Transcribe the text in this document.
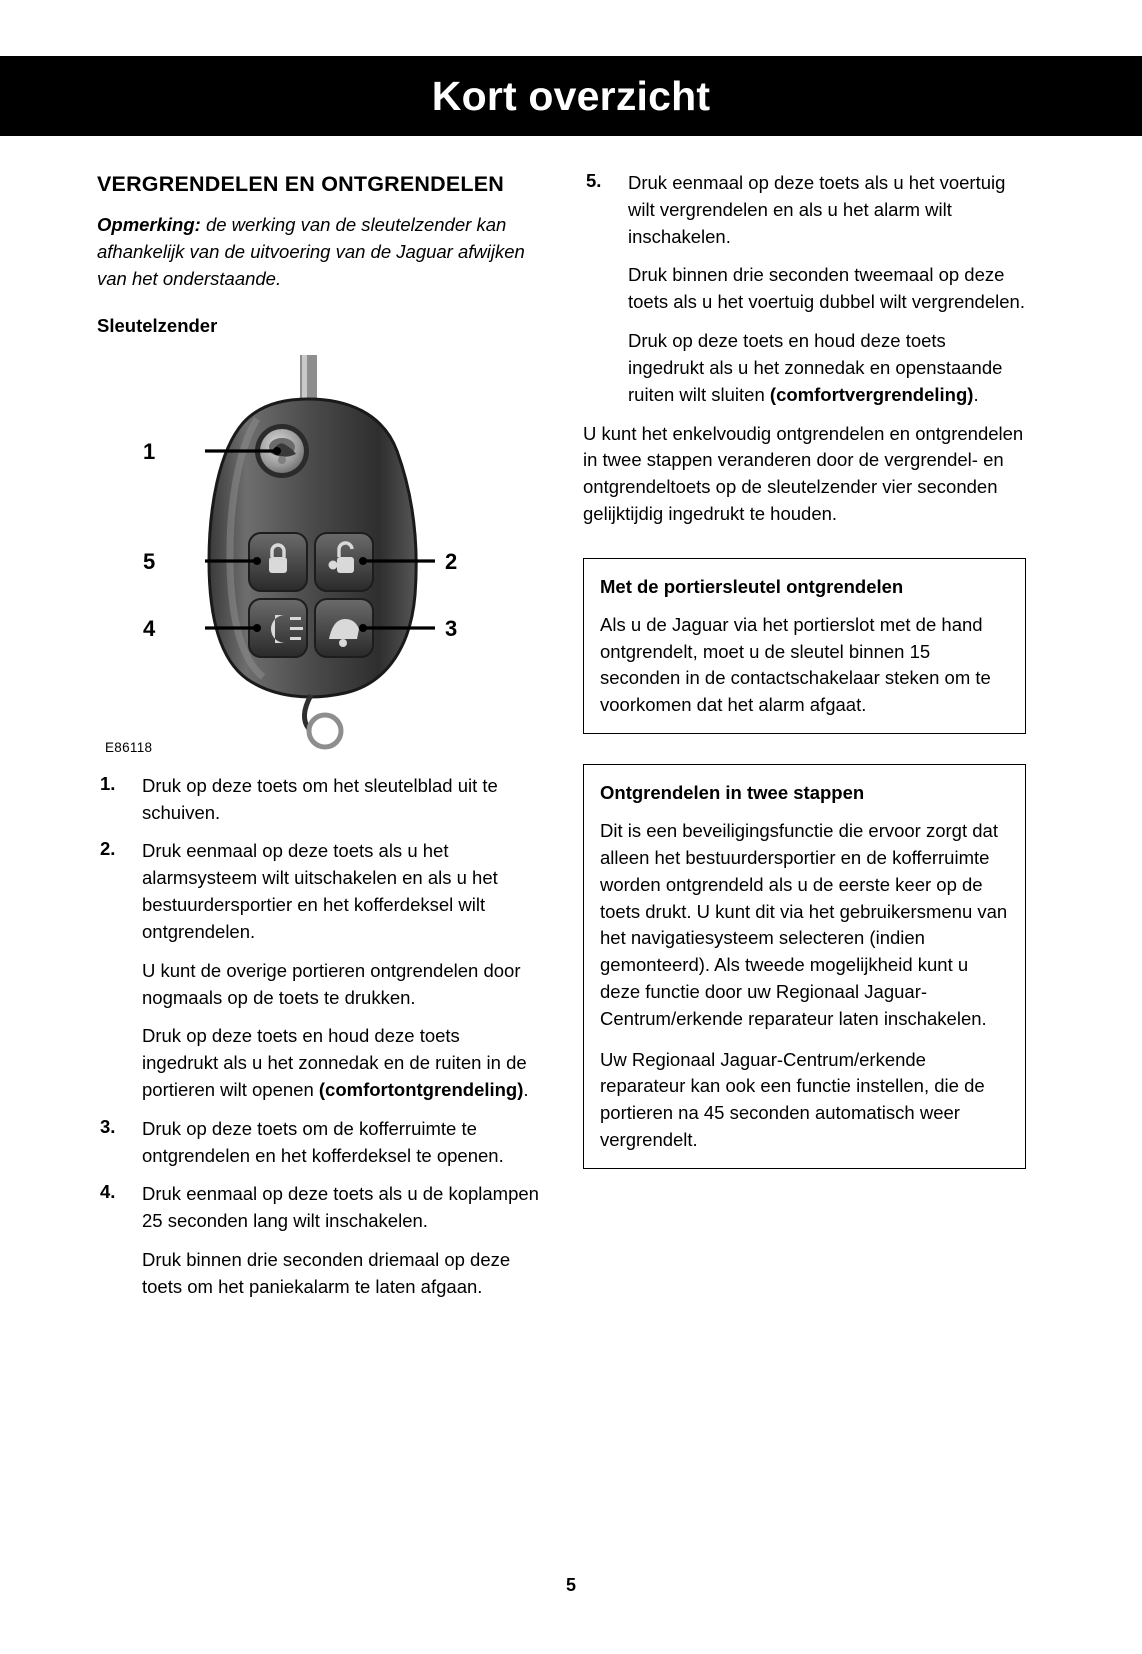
Kort overzicht
VERGRENDELEN EN ONTGRENDELEN

Opmerking: de werking van de sleutelzender kan afhankelijk van de uitvoering van de Jaguar afwijken van het onderstaande.

Sleutelzender
1
5
4
2
3
E86118
1. Druk op deze toets om het sleutelblad uit te schuiven.

2. Druk eenmaal op deze toets als u het alarmsysteem wilt uitschakelen en als u het bestuurdersportier en het kofferdeksel wilt ontgrendelen.

U kunt de overige portieren ontgrendelen door nogmaals op de toets te drukken.

Druk op deze toets en houd deze toets ingedrukt als u het zonnedak en de ruiten in de portieren wilt openen (comfortontgrendeling).

3. Druk op deze toets om de kofferruimte te ontgrendelen en het kofferdeksel te openen.

4. Druk eenmaal op deze toets als u de koplampen 25 seconden lang wilt inschakelen.

Druk binnen drie seconden driemaal op deze toets om het paniekalarm te laten afgaan.

5. Druk eenmaal op deze toets als u het voertuig wilt vergrendelen en als u het alarm wilt inschakelen.

Druk binnen drie seconden tweemaal op deze toets als u het voertuig dubbel wilt vergrendelen.

Druk op deze toets en houd deze toets ingedrukt als u het zonnedak en openstaande ruiten wilt sluiten (comfortvergrendeling).

U kunt het enkelvoudig ontgrendelen en ontgrendelen in twee stappen veranderen door de vergrendel- en ontgrendeltoets op de sleutelzender vier seconden gelijktijdig ingedrukt te houden.

Met de portiersleutel ontgrendelen

Als u de Jaguar via het portierslot met de hand ontgrendelt, moet u de sleutel binnen 15 seconden in de contactschakelaar steken om te voorkomen dat het alarm afgaat.

Ontgrendelen in twee stappen

Dit is een beveiligingsfunctie die ervoor zorgt dat alleen het bestuurdersportier en de kofferruimte worden ontgrendeld als u de eerste keer op de toets drukt. U kunt dit via het gebruikersmenu van het navigatiesysteem selecteren (indien gemonteerd). Als tweede mogelijkheid kunt u deze functie door uw Regionaal Jaguar-Centrum/erkende reparateur laten inschakelen.

Uw Regionaal Jaguar-Centrum/erkende reparateur kan ook een functie instellen, die de portieren na 45 seconden automatisch weer vergrendelt.

5
